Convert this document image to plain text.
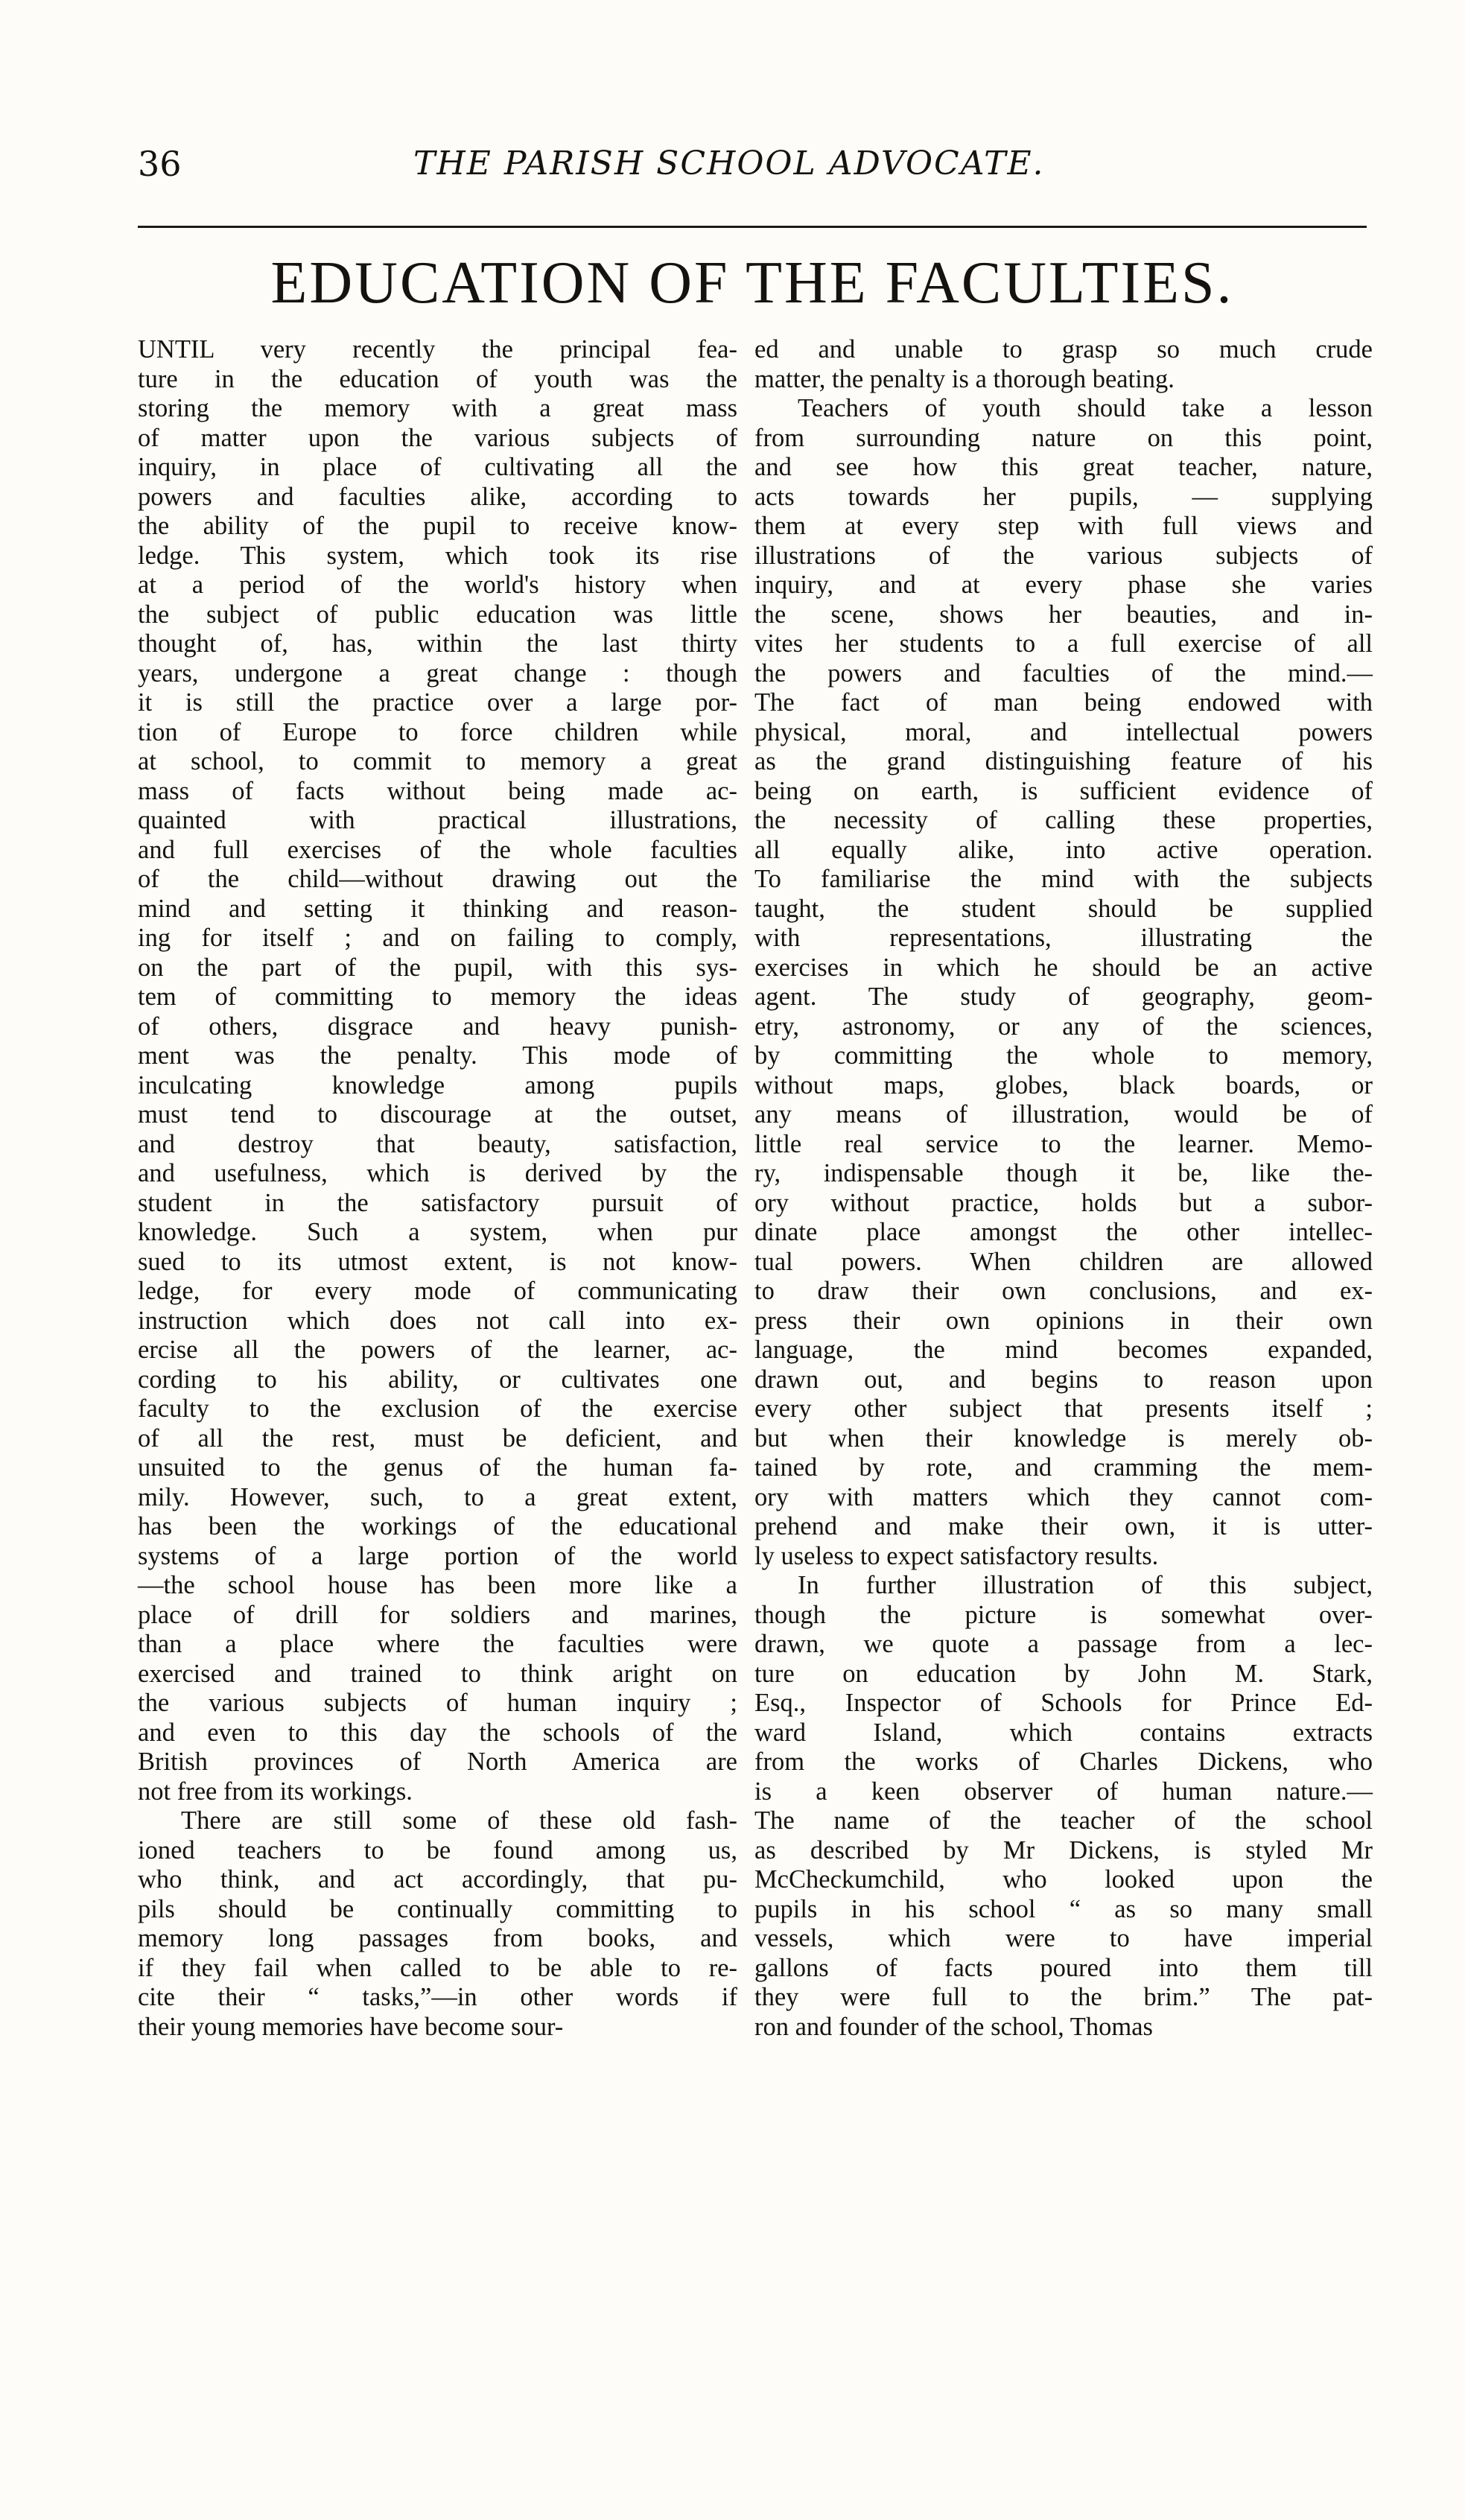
36	THE PARISH SCHOOL ADVOCATE.
EDUCATION OF THE FACULTIES.
UNTIL very recently the principal fea-
ture in the education of youth was the
storing the memory with a great mass
of matter upon the various subjects of
inquiry, in place of cultivating all the
powers and faculties alike, according to
the ability of the pupil to receive know-
ledge. This system, which took its rise
at a period of the world's history when
the subject of public education was little
thought of, has, within the last thirty
years, undergone a great change : though
it is still the practice over a large por-
tion of Europe to force children while
at school, to commit to memory a great
mass of facts without being made ac-
quainted with practical illustrations,
and full exercises of the whole faculties
of the child—without drawing out the
mind and setting it thinking and reason-
ing for itself ; and on failing to comply,
on the part of the pupil, with this sys-
tem of committing to memory the ideas
of others, disgrace and heavy punish-
ment was the penalty. This mode of
inculcating knowledge among pupils
must tend to discourage at the outset,
and destroy that beauty, satisfaction,
and usefulness, which is derived by the
student in the satisfactory pursuit of
knowledge. Such a system, when pur
sued to its utmost extent, is not know-
ledge, for every mode of communicating
instruction which does not call into ex-
ercise all the powers of the learner, ac-
cording to his ability, or cultivates one
faculty to the exclusion of the exercise
of all the rest, must be deficient, and
unsuited to the genus of the human fa-
mily. However, such, to a great extent,
has been the workings of the educational
systems of a large portion of the world
—the school house has been more like a
place of drill for soldiers and marines,
than a place where the faculties were
exercised and trained to think aright on
the various subjects of human inquiry ;
and even to this day the schools of the
British provinces of North America are
not free from its workings.
There are still some of these old fash-
ioned teachers to be found among us,
who think, and act accordingly, that pu-
pils should be continually committing to
memory long passages from books, and
if they fail when called to be able to re-
cite their “ tasks,”—in other words if
their young memories have become sour-
ed and unable to grasp so much crude
matter, the penalty is a thorough beating.
Teachers of youth should take a lesson
from surrounding nature on this point,
and see how this great teacher, nature,
acts towards her pupils, — supplying
them at every step with full views and
illustrations of the various subjects of
inquiry, and at every phase she varies
the scene, shows her beauties, and in-
vites her students to a full exercise of all
the powers and faculties of the mind.—
The fact of man being endowed with
physical, moral, and intellectual powers
as the grand distinguishing feature of his
being on earth, is sufficient evidence of
the necessity of calling these properties,
all equally alike, into active operation.
To familiarise the mind with the subjects
taught, the student should be supplied
with representations, illustrating the
exercises in which he should be an active
agent. The study of geography, geom-
etry, astronomy, or any of the sciences,
by committing the whole to memory,
without maps, globes, black boards, or
any means of illustration, would be of
little real service to the learner. Memo-
ry, indispensable though it be, like the-
ory without practice, holds but a subor-
dinate place amongst the other intellec-
tual powers. When children are allowed
to draw their own conclusions, and ex-
press their own opinions in their own
language, the mind becomes expanded,
drawn out, and begins to reason upon
every other subject that presents itself ;
but when their knowledge is merely ob-
tained by rote, and cramming the mem-
ory with matters which they cannot com-
prehend and make their own, it is utter-
ly useless to expect satisfactory results.
In further illustration of this subject,
though the picture is somewhat over-
drawn, we quote a passage from a lec-
ture on education by John M. Stark,
Esq., Inspector of Schools for Prince Ed-
ward Island, which contains extracts
from the works of Charles Dickens, who
is a keen observer of human nature.—
The name of the teacher of the school
as described by Mr Dickens, is styled Mr
McCheckumchild, who looked upon the
pupils in his school “ as so many small
vessels, which were to have imperial
gallons of facts poured into them till
they were full to the brim.” The pat-
ron and founder of the school, Thomas
